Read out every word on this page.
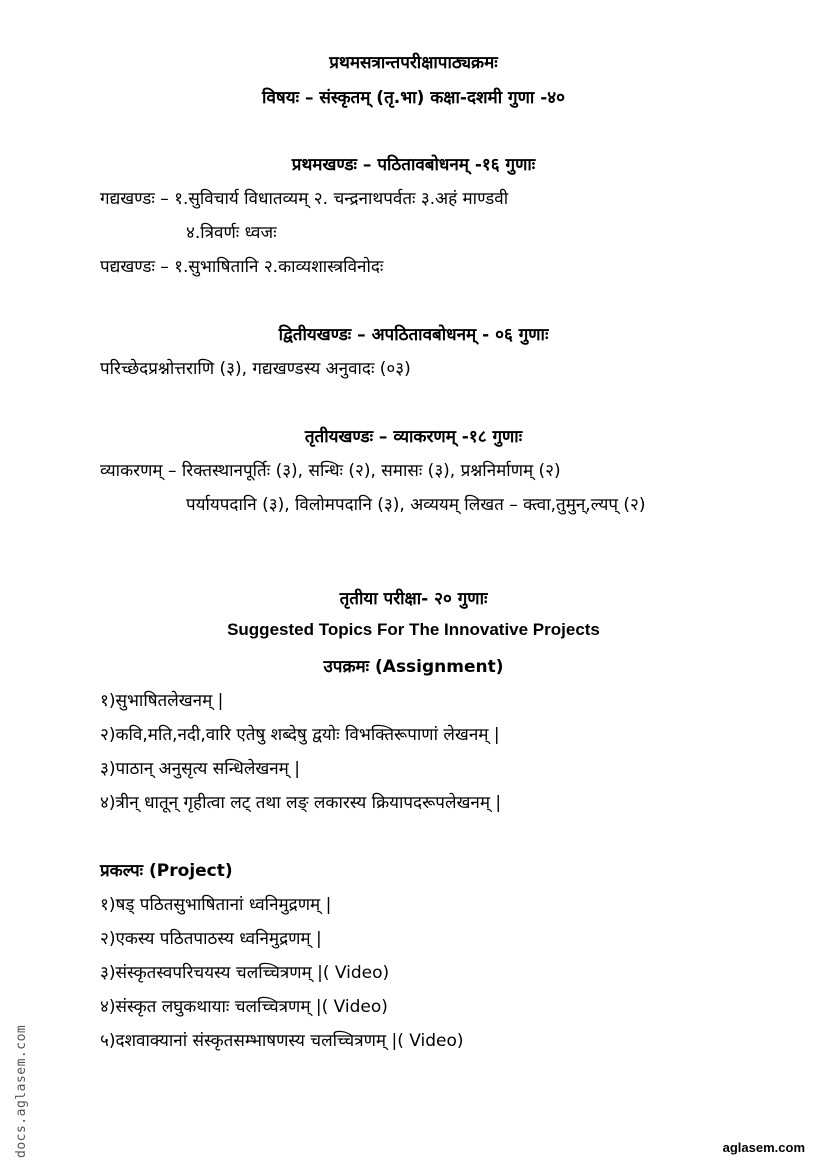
प्रथमसत्रान्तपरीक्षापाठ्यक्रमः
विषयः – संस्कृतम् (तृ.भा) कक्षा-दशमी गुणा -४०
प्रथमखण्डः – पठितावबोधनम् -१६ गुणाः
गद्यखण्डः – १.सुविचार्य विधातव्यम् २. चन्द्रनाथपर्वतः ३.अहं माण्डवी
४.त्रिवर्णः ध्वजः
पद्यखण्डः – १.सुभाषितानि २.काव्यशास्त्रविनोदः
द्वितीयखण्डः – अपठितावबोधनम् - ०६ गुणाः
परिच्छेदप्रश्नोत्तराणि (३), गद्यखण्डस्य अनुवादः (०३)
तृतीयखण्डः – व्याकरणम् -१८ गुणाः
व्याकरणम् – रिक्तस्थानपूर्तिः (३), सन्धिः (२), समासः (३), प्रश्ननिर्माणम् (२)
पर्यायपदानि (३), विलोमपदानि (३), अव्ययम् लिखत – क्त्वा,तुमुन्,ल्यप् (२)
तृतीया परीक्षा- २० गुणाः
Suggested Topics For The Innovative Projects
उपक्रमः (Assignment)
१)सुभाषितलेखनम् |
२)कवि,मति,नदी,वारि एतेषु शब्देषु द्वयोः विभक्तिरूपाणां लेखनम् |
३)पाठान् अनुसृत्य सन्धिलेखनम् |
४)त्रीन् धातून् गृहीत्वा लट् तथा लङ् लकारस्य क्रियापदरूपलेखनम् |
प्रकल्पः (Project)
१)षड् पठितसुभाषितानां ध्वनिमुद्रणम् |
२)एकस्य पठितपाठस्य ध्वनिमुद्रणम् |
३)संस्कृतस्वपरिचयस्य चलच्चित्रणम् |( Video)
४)संस्कृत लघुकथायाः चलच्चित्रणम् |( Video)
५)दशवाक्यानां संस्कृतसम्भाषणस्य चलच्चित्रणम् |( Video)
docs.aglasem.com	aglasem.com
